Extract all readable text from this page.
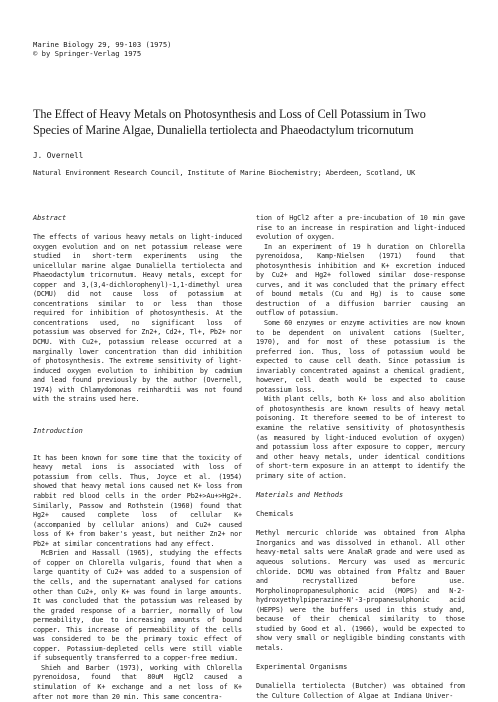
Marine Biology 29, 99-103 (1975)
© by Springer-Verlag 1975
The Effect of Heavy Metals on Photosynthesis and Loss of Cell Potassium in Two Species of Marine Algae, Dunaliella tertiolecta and Phaeodactylum tricornutum
J. Overnell
Natural Environment Research Council, Institute of Marine Biochemistry; Aberdeen, Scotland, UK
Abstract

The effects of various heavy metals on light-induced oxygen evolution and on net potassium release were studied in short-term experiments using the unicellular marine algae Dunaliella tertiolecta and Phaeodactylum tricornutum. Heavy metals, except for copper and 3,(3,4-dichlorophenyl)-1,1-dimethyl urea (DCMU) did not cause loss of potassium at concentrations similar to or less than those required for inhibition of photosynthesis. At the concentrations used, no significant loss of potassium was observed for Zn2+, Cd2+, Tl+, Pb2+ nor DCMU. With Cu2+, potassium release occurred at a marginally lower concentration than did inhibition of photosynthesis. The extreme sensitivity of light-induced oxygen evolution to inhibition by cadmium and lead found previously by the author (Overnell, 1974) with Chlamydomonas reinhardtii was not found with the strains used here.

Introduction

It has been known for some time that the toxicity of heavy metal ions is associated with loss of potassium from cells. Thus, Joyce et al. (1954) showed that heavy metal ions caused net K+ loss from rabbit red blood cells in the order Pb2+>Au+>Hg2+. Similarly, Passow and Rothstein (1960) found that Hg2+ caused complete loss of cellular K+ (accompanied by cellular anions) and Cu2+ caused loss of K+ from baker's yeast, but neither Zn2+ nor Pb2+ at similar concentrations had any effect.

McBrien and Hassall (1965), studying the effects of copper on Chlorella vulgaris, found that when a large quantity of Cu2+ was added to a suspension of the cells, and the supernatant analysed for cations other than Cu2+, only K+ was found in large amounts. It was concluded that the potassium was released by the graded response of a barrier, normally of low permeability, due to increasing amounts of bound copper. This increase of permeability of the cells was considered to be the primary toxic effect of copper. Potassium-depleted cells were still viable if subsequently transferred to a copper-free medium.

Shieh and Barber (1973), working with Chlorella pyrenoidosa, found that 80uM HgCl2 caused a stimulation of K+ exchange and a net loss of K+ after not more than 20 min. This same concentra-

tion of HgCl2 after a pre-incubation of 10 min gave rise to an increase in respiration and light-induced evolution of oxygen.

In an experiment of 19 h duration on Chlorella pyrenoidosa, Kamp-Nielsen (1971) found that photosynthesis inhibition and K+ excretion induced by Cu2+ and Hg2+ followed similar dose-response curves, and it was concluded that the primary effect of bound metals (Cu and Hg) is to cause some destruction of a diffusion barrier causing an outflow of potassium.

Some 60 enzymes or enzyme activities are now known to be dependent on univalent cations (Suelter, 1970), and for most of these potassium is the preferred ion. Thus, loss of potassium would be expected to cause cell death. Since potassium is invariably concentrated against a chemical gradient, however, cell death would be expected to cause potassium loss.

With plant cells, both K+ loss and also abolition of photosynthesis are known results of heavy metal poisoning. It therefore seemed to be of interest to examine the relative sensitivity of photosynthesis (as measured by light-induced evolution of oxygen) and potassium loss after exposure to copper, mercury and other heavy metals, under identical conditions of short-term exposure in an attempt to identify the primary site of action.

Materials and Methods
Chemicals

Methyl mercuric chloride was obtained from Alpha Inorganics and was dissolved in ethanol. All other heavy-metal salts were AnalaR grade and were used as aqueous solutions. Mercury was used as mercuric chloride. DCMU was obtained from Pfaltz and Bauer and recrystallized before use. Morpholinopropanesulphonic acid (MOPS) and N-2-hydroxyethylpiperazine-N'-3-propanesulphonic acid (HEPPS) were the buffers used in this study and, because of their chemical similarity to those studied by Good et al. (1966), would be expected to show very small or negligible binding constants with metals.

Experimental Organisms

Dunaliella tertiolecta (Butcher) was obtained from the Culture Collection of Algae at Indiana Univer-
